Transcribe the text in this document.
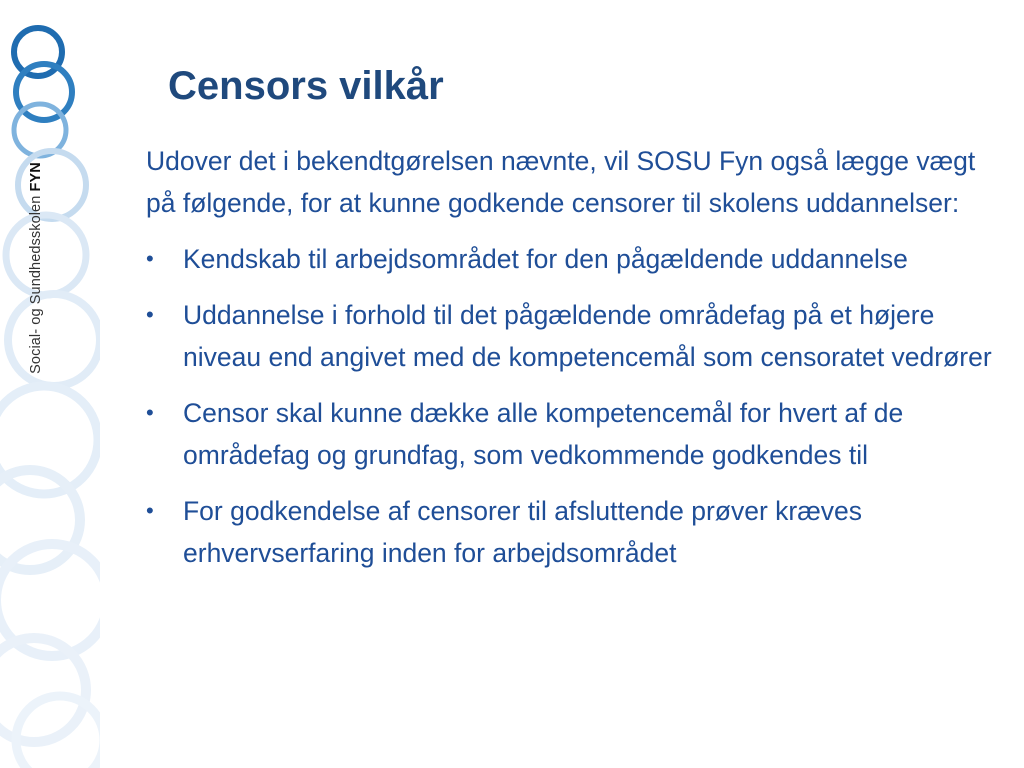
Social- og Sundhedsskolen FYN
Censors vilkår

Udover det i bekendtgørelsen nævnte, vil SOSU Fyn også lægge vægt på følgende, for at kunne godkende censorer til skolens uddannelser:

• Kendskab til arbejdsområdet for den pågældende uddannelse
• Uddannelse i forhold til det pågældende områdefag på et højere niveau end angivet med de kompetencemål som censoratet vedrører
• Censor skal kunne dække alle kompetencemål for hvert af de områdefag og grundfag, som vedkommende godkendes til
• For godkendelse af censorer til afsluttende prøver kræves erhvervserfaring inden for arbejdsområdet
